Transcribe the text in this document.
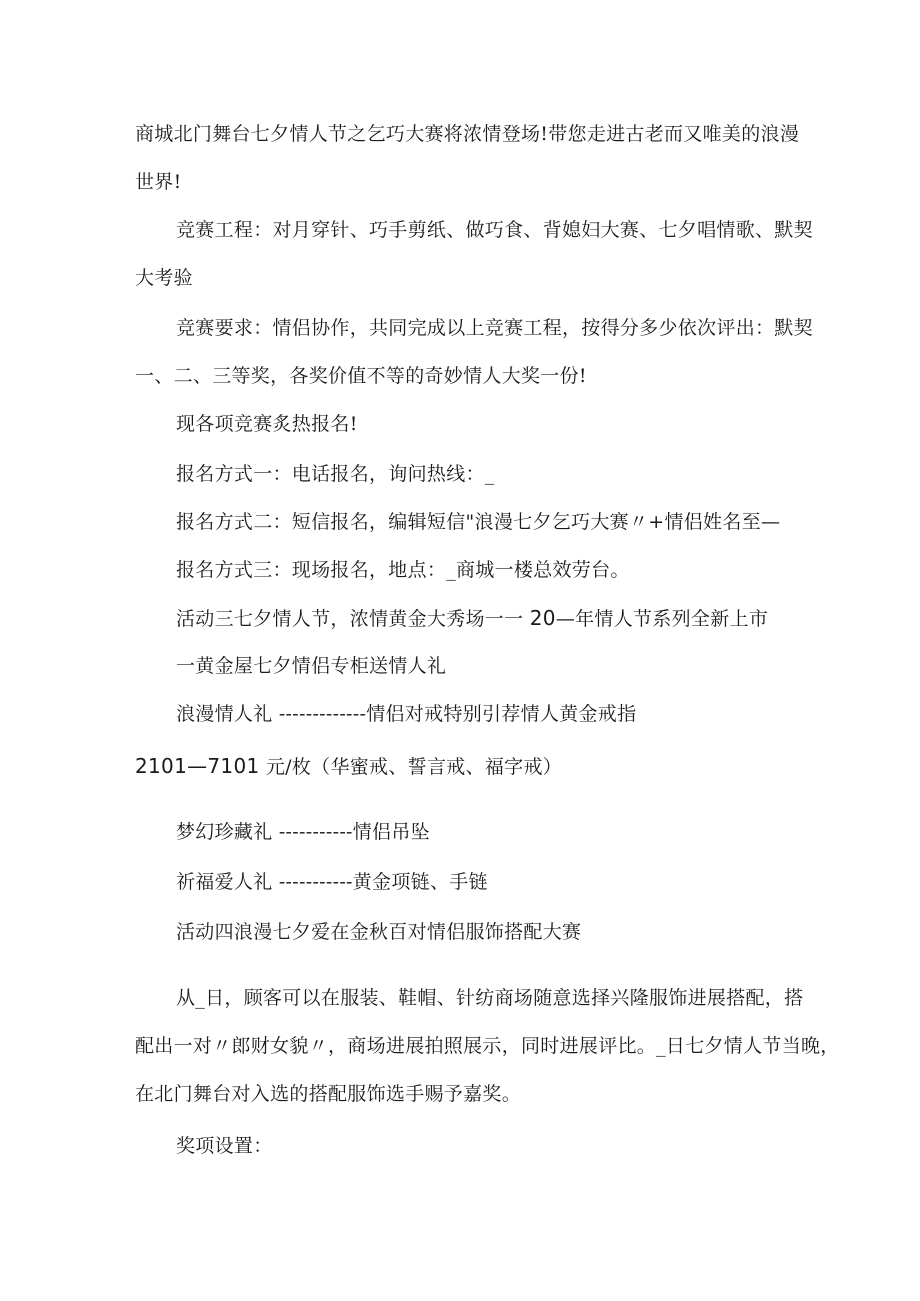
商城北门舞台七夕情人节之乞巧大赛将浓情登场!带您走进古老而又唯美的浪漫
世界!
竞赛工程：对月穿针、巧手剪纸、做巧食、背媳妇大赛、七夕唱情歌、默契
大考验
竞赛要求：情侣协作，共同完成以上竞赛工程，按得分多少依次评出：默契
一、二、三等奖，各奖价值不等的奇妙情人大奖一份!
现各项竞赛炙热报名!
报名方式一：电话报名，询问热线：_
报名方式二：短信报名，编辑短信"浪漫七夕乞巧大赛〃+情侣姓名至—
报名方式三：现场报名，地点：_商城一楼总效劳台。
活动三七夕情人节，浓情黄金大秀场一一 20—年情人节系列全新上市
一黄金屋七夕情侣专柜送情人礼
浪漫情人礼 -------------情侣对戒特别引荐情人黄金戒指
2101—7101 元/枚（华蜜戒、誓言戒、福字戒）
梦幻珍藏礼 -----------情侣吊坠
祈福爱人礼 -----------黄金项链、手链
活动四浪漫七夕爱在金秋百对情侣服饰搭配大赛
从_日，顾客可以在服装、鞋帽、针纺商场随意选择兴隆服饰进展搭配，搭
配出一对〃郎财女貌〃，商场进展拍照展示，同时进展评比。_日七夕情人节当晚，
在北门舞台对入选的搭配服饰选手赐予嘉奖。
奖项设置：
